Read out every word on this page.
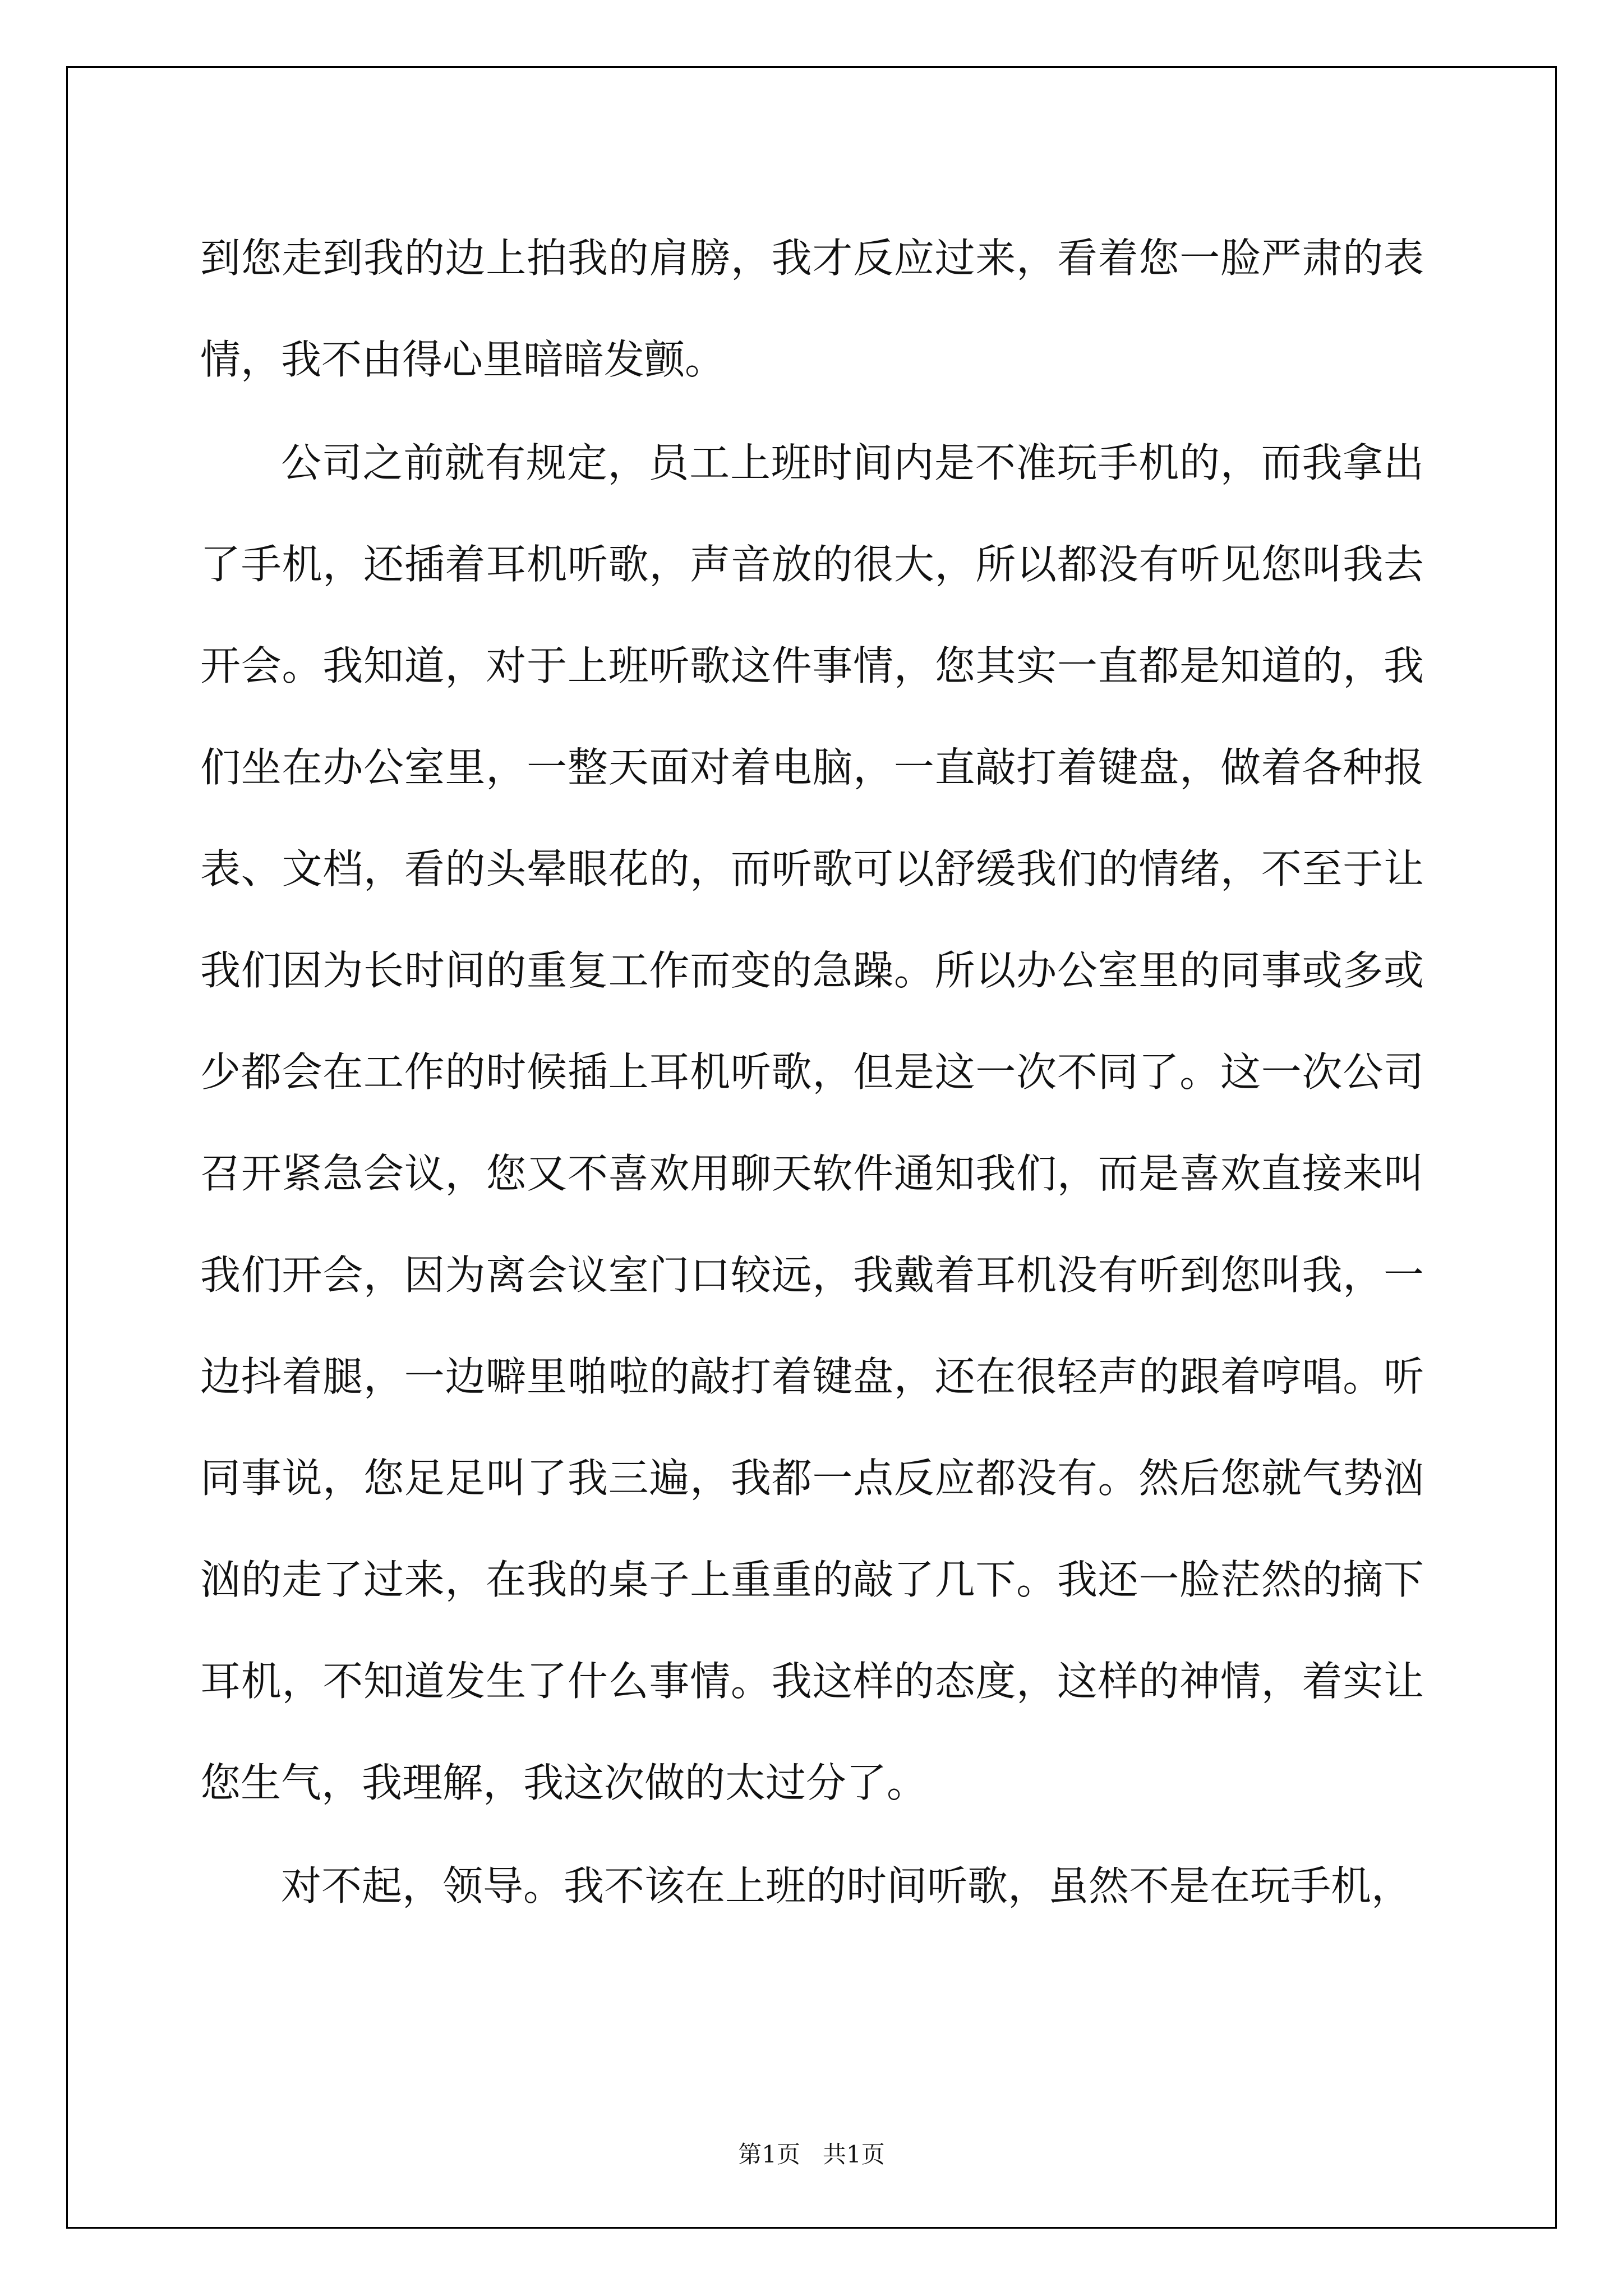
到您走到我的边上拍我的肩膀，我才反应过来，看着您一脸严肃的表情，我不由得心里暗暗发颤。

公司之前就有规定，员工上班时间内是不准玩手机的，而我拿出了手机，还插着耳机听歌，声音放的很大，所以都没有听见您叫我去开会。我知道，对于上班听歌这件事情，您其实一直都是知道的，我们坐在办公室里，一整天面对着电脑，一直敲打着键盘，做着各种报表、文档，看的头晕眼花的，而听歌可以舒缓我们的情绪，不至于让我们因为长时间的重复工作而变的急躁。所以办公室里的同事或多或少都会在工作的时候插上耳机听歌，但是这一次不同了。这一次公司召开紧急会议，您又不喜欢用聊天软件通知我们，而是喜欢直接来叫我们开会，因为离会议室门口较远，我戴着耳机没有听到您叫我，一边抖着腿，一边噼里啪啦的敲打着键盘，还在很轻声的跟着哼唱。听同事说，您足足叫了我三遍，我都一点反应都没有。然后您就气势汹汹的走了过来，在我的桌子上重重的敲了几下。我还一脸茫然的摘下耳机，不知道发生了什么事情。我这样的态度，这样的神情，着实让您生气，我理解，我这次做的太过分了。

对不起，领导。我不该在上班的时间听歌，虽然不是在玩手机，

第1页 共1页
